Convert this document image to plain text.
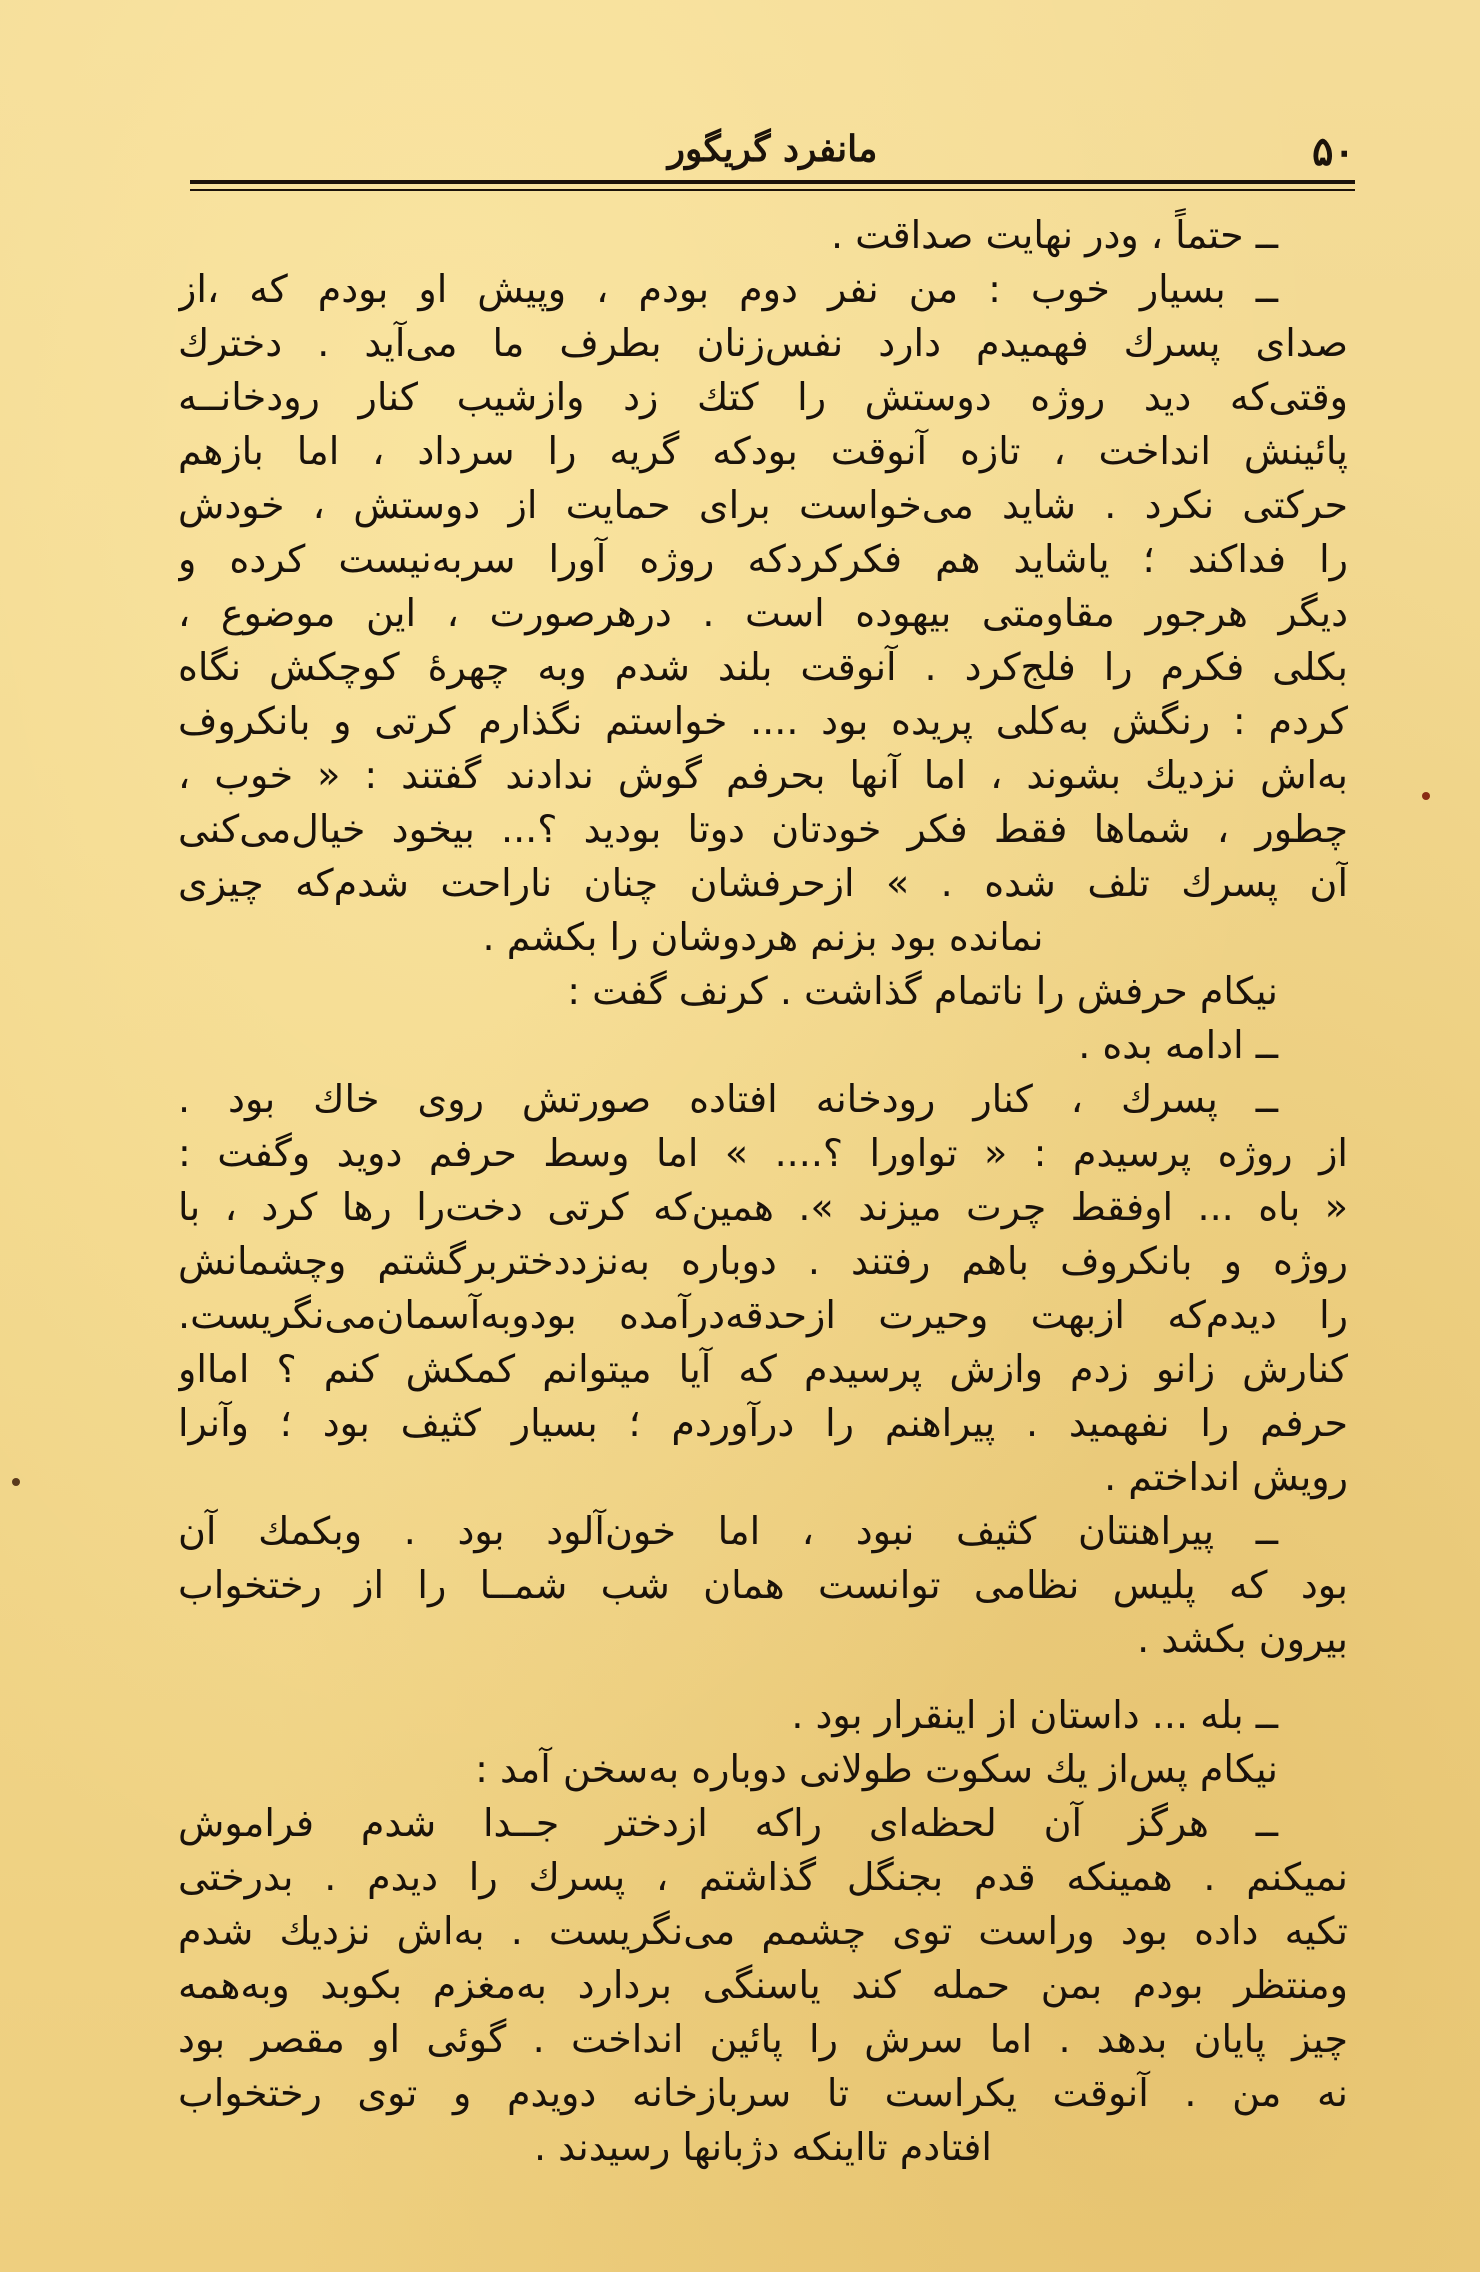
۵۰
مانفرد گریگور
ــ حتماً ، ودر نهایت صداقت .
ــ بسیار خوب : من نفر دوم بودم ، وپیش او بودم که ،از
صدای پسرك فهمیدم دارد نفس‌زنان بطرف ما می‌آید . دخترك
وقتی‌که دید روژه دوستش را کتك زد وازشیب کنار رودخانــه
پائینش انداخت ، تازه آنوقت بودکه گریه را سرداد ، اما بازهم
حرکتی نکرد . شاید می‌خواست برای حمایت از دوستش ، خودش
را فداکند ؛ یاشاید هم فکرکردکه روژه آورا سربه‌نیست کرده و
دیگر هرجور مقاومتی بیهوده است . درهرصورت ، این موضوع ،
بکلی فکرم را فلج‌کرد . آنوقت بلند شدم وبه چهرهٔ کوچکش نگاه
کردم : رنگش به‌کلی پریده بود .... خواستم نگذارم کرتی و بانکروف
به‌اش نزدیك بشوند ، اما آنها بحرفم گوش ندادند گفتند : « خوب ،
چطور ، شماها فقط فکر خودتان دوتا بودید ؟... بیخود خیال‌می‌کنی
آن پسرك تلف شده . » ازحرفشان چنان ناراحت شدم‌که چیزی
نمانده بود بزنم هردوشان را بکشم .
نیکام حرفش را ناتمام گذاشت . کرنف گفت :
ــ ادامه بده .
ــ پسرك ، کنار رودخانه افتاده صورتش روی خاك بود .
از روژه پرسیدم : « تواورا ؟.... » اما وسط حرفم دوید وگفت :
« باه ... اوفقط چرت میزند ». همین‌که کرتی دخت‌را رها کرد ، با
روژه و بانکروف باهم رفتند . دوباره به‌نزددختربرگشتم وچشمانش
را دیدم‌که ازبهت وحیرت ازحدقه‌درآمده بودوبه‌آسمان‌می‌نگریست.
کنارش زانو زدم وازش پرسیدم که آیا میتوانم کمکش کنم ؟ امااو
حرفم را نفهمید . پیراهنم را درآوردم ؛ بسیار کثیف بود ؛ وآنرا
رویش انداختم .
ــ پیراهنتان کثیف نبود ، اما خون‌آلود بود . وبکمك آن
بود که پلیس نظامی توانست همان شب شمــا را از رختخواب
بیرون بکشد .
ــ بله ... داستان از اینقرار بود .
نیکام پس‌از یك سکوت طولانی دوباره به‌سخن آمد :
ــ هرگز آن لحظه‌ای راکه ازدختر جــدا شدم فراموش
نمیکنم . همینکه قدم بجنگل گذاشتم ، پسرك را دیدم . بدرختی
تکیه داده بود وراست توی چشمم می‌نگریست . به‌اش نزدیك شدم
ومنتظر بودم بمن حمله کند یاسنگی بردارد به‌مغزم بکوبد وبه‌همه
چیز پایان بدهد . اما سرش را پائین انداخت . گوئی او مقصر بود
نه من . آنوقت یکراست تا سربازخانه دویدم و توی رختخواب
افتادم تااینکه دژبانها رسیدند .
